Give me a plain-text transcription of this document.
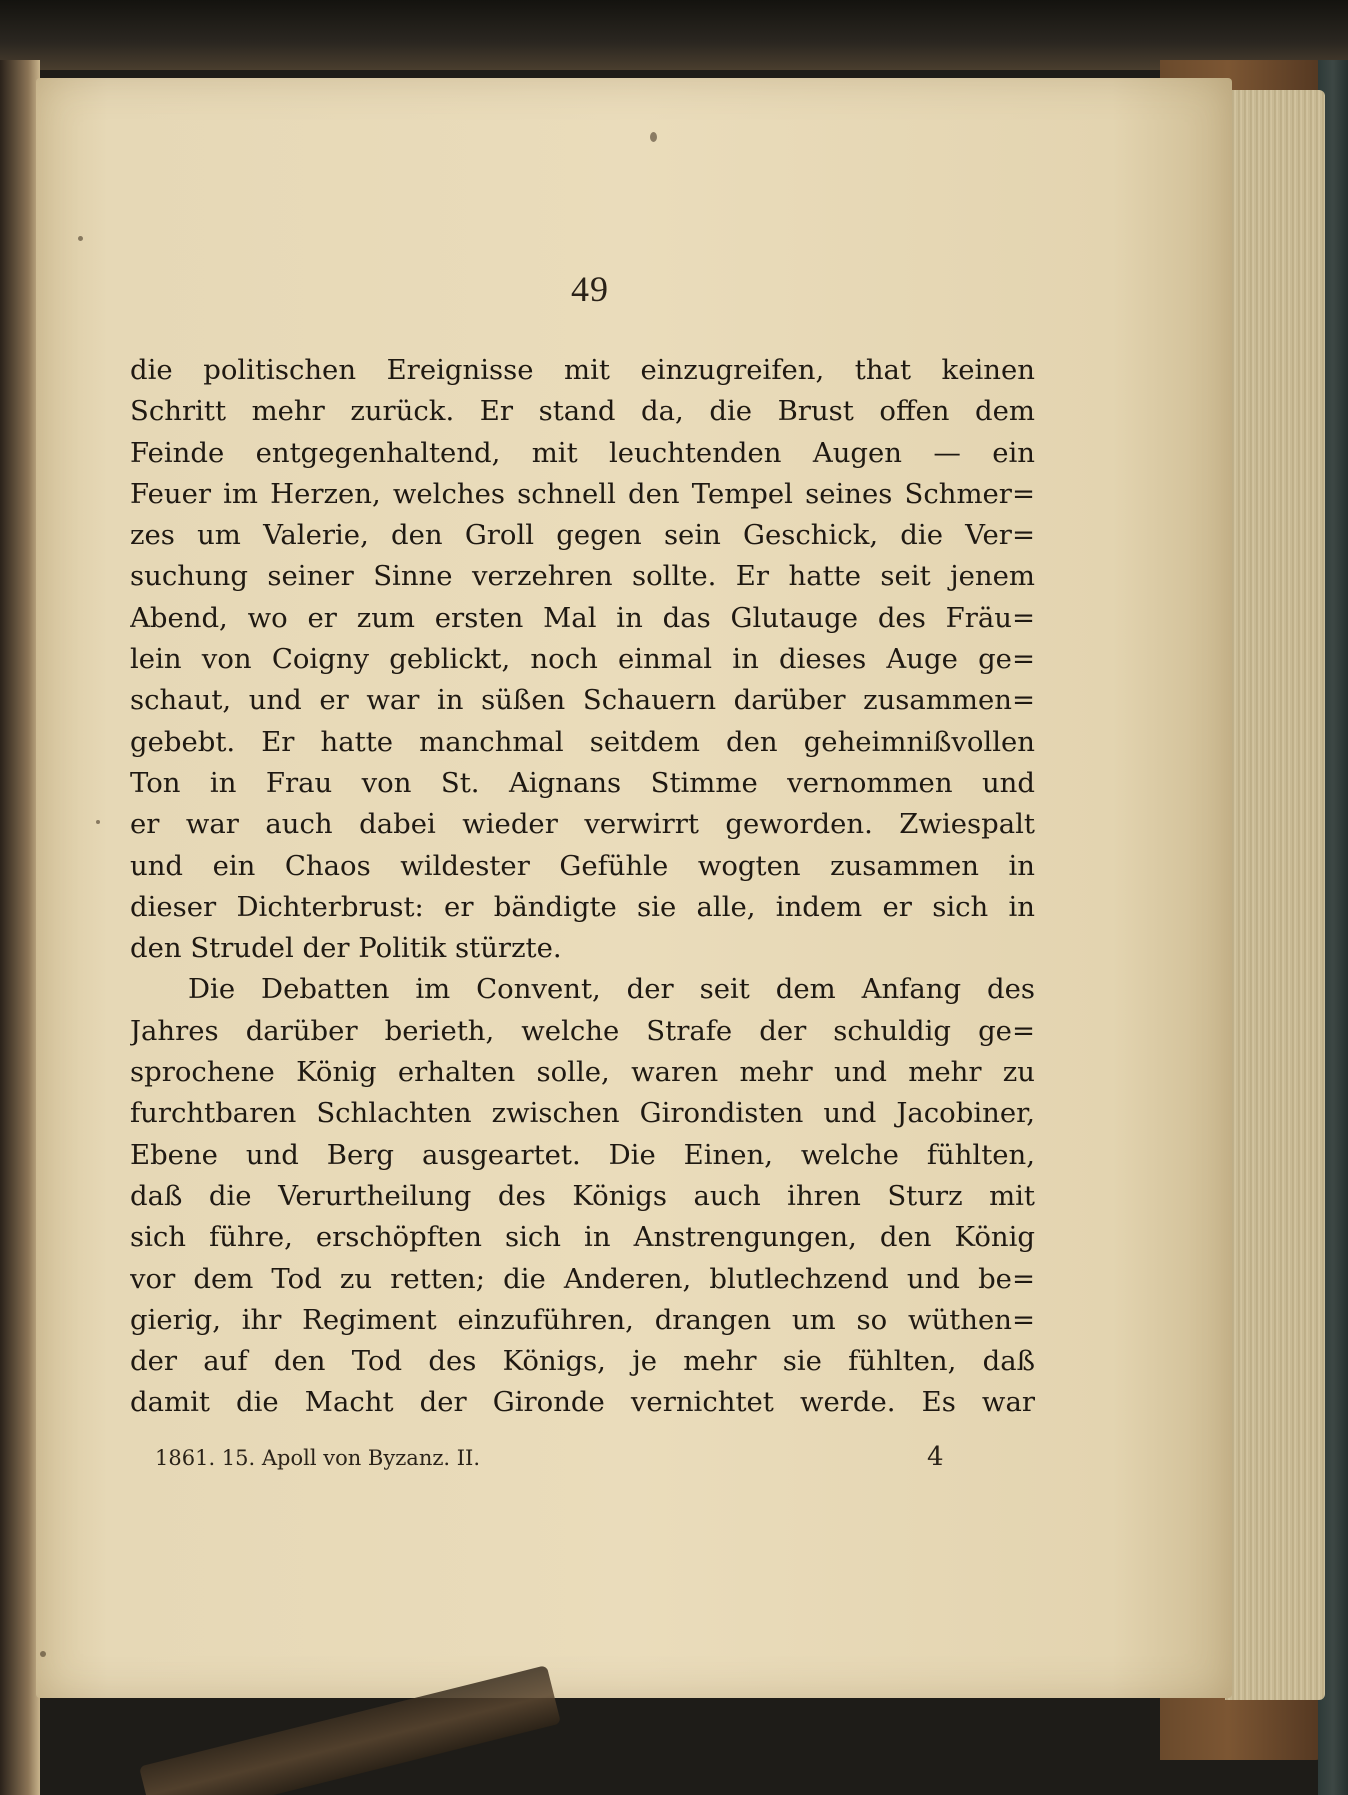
49
die politischen Ereignisse mit einzugreifen, that keinen
Schritt mehr zurück. Er stand da, die Brust offen dem
Feinde entgegenhaltend, mit leuchtenden Augen — ein
Feuer im Herzen, welches schnell den Tempel seines Schmer=
zes um Valerie, den Groll gegen sein Geschick, die Ver=
suchung seiner Sinne verzehren sollte. Er hatte seit jenem
Abend, wo er zum ersten Mal in das Glutauge des Fräu=
lein von Coigny geblickt, noch einmal in dieses Auge ge=
schaut, und er war in süßen Schauern darüber zusammen=
gebebt. Er hatte manchmal seitdem den geheimnißvollen
Ton in Frau von St. Aignans Stimme vernommen und
er war auch dabei wieder verwirrt geworden. Zwiespalt
und ein Chaos wildester Gefühle wogten zusammen in
dieser Dichterbrust: er bändigte sie alle, indem er sich in
den Strudel der Politik stürzte.
Die Debatten im Convent, der seit dem Anfang des
Jahres darüber berieth, welche Strafe der schuldig ge=
sprochene König erhalten solle, waren mehr und mehr zu
furchtbaren Schlachten zwischen Girondisten und Jacobiner,
Ebene und Berg ausgeartet. Die Einen, welche fühlten,
daß die Verurtheilung des Königs auch ihren Sturz mit
sich führe, erschöpften sich in Anstrengungen, den König
vor dem Tod zu retten; die Anderen, blutlechzend und be=
gierig, ihr Regiment einzuführen, drangen um so wüthen=
der auf den Tod des Königs, je mehr sie fühlten, daß
damit die Macht der Gironde vernichtet werde. Es war
1861. 15. Apoll von Byzanz. II.	4
